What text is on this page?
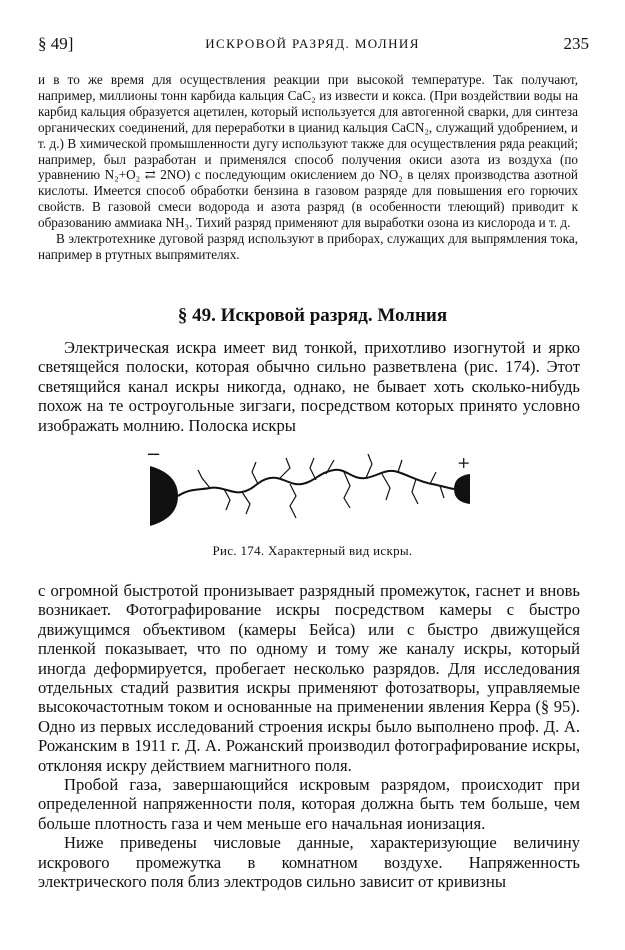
§ 49]	ИСКРОВОЙ РАЗРЯД. МОЛНИЯ	235

и в то же время для осуществления реакции при высокой температуре. Так получают, например, миллионы тонн карбида кальция CaC₂ из извести и кокса. (При воздействии воды на карбид кальция образуется ацетилен, который используется для автогенной сварки, для синтеза органических соединений, для переработки в цианид кальция CaCN₂, служащий удобрением, и т. д.) В химической промышленности дугу используют также для осуществления ряда реакций; например, был разработан и применялся способ получения окиси азота из воздуха (по уравнению N₂+O₂ ⇄ 2NO) с последующим окислением до NO₂ в целях производства азотной кислоты. Имеется способ обработки бензина в газовом разряде для повышения его горючих свойств. В газовой смеси водорода и азота разряд (в особенности тлеющий) приводит к образованию аммиака NH₃. Тихий разряд применяют для выработки озона из кислорода и т. д.

В электротехнике дуговой разряд используют в приборах, служащих для выпрямления тока, например в ртутных выпрямителях.

§ 49. Искровой разряд. Молния

Электрическая искра имеет вид тонкой, прихотливо изогнутой и ярко светящейся полоски, которая обычно сильно разветвлена (рис. 174). Этот светящийся канал искры никогда, однако, не бывает хоть сколько-нибудь похож на те остроугольные зигзаги, посредством которых принято условно изображать молнию. Полоска искры

−	+
Рис. 174. Характерный вид искры.

с огромной быстротой пронизывает разрядный промежуток, гаснет и вновь возникает. Фотографирование искры посредством камеры с быстро движущимся объективом (камеры Бейса) или с быстро движущейся пленкой показывает, что по одному и тому же каналу искры, который иногда деформируется, пробегает несколько разрядов. Для исследования отдельных стадий развития искры применяют фотозатворы, управляемые высокочастотным током и основанные на применении явления Керра (§ 95). Одно из первых исследований строения искры было выполнено проф. Д. А. Рожанским в 1911 г. Д. А. Рожанский производил фотографирование искры, отклоняя искру действием магнитного поля.

Пробой газа, завершающийся искровым разрядом, происходит при определенной напряженности поля, которая должна быть тем больше, чем больше плотность газа и чем меньше его начальная ионизация.

Ниже приведены числовые данные, характеризующие величину искрового промежутка в комнатном воздухе. Напряженность электрического поля близ электродов сильно зависит от кривизны
